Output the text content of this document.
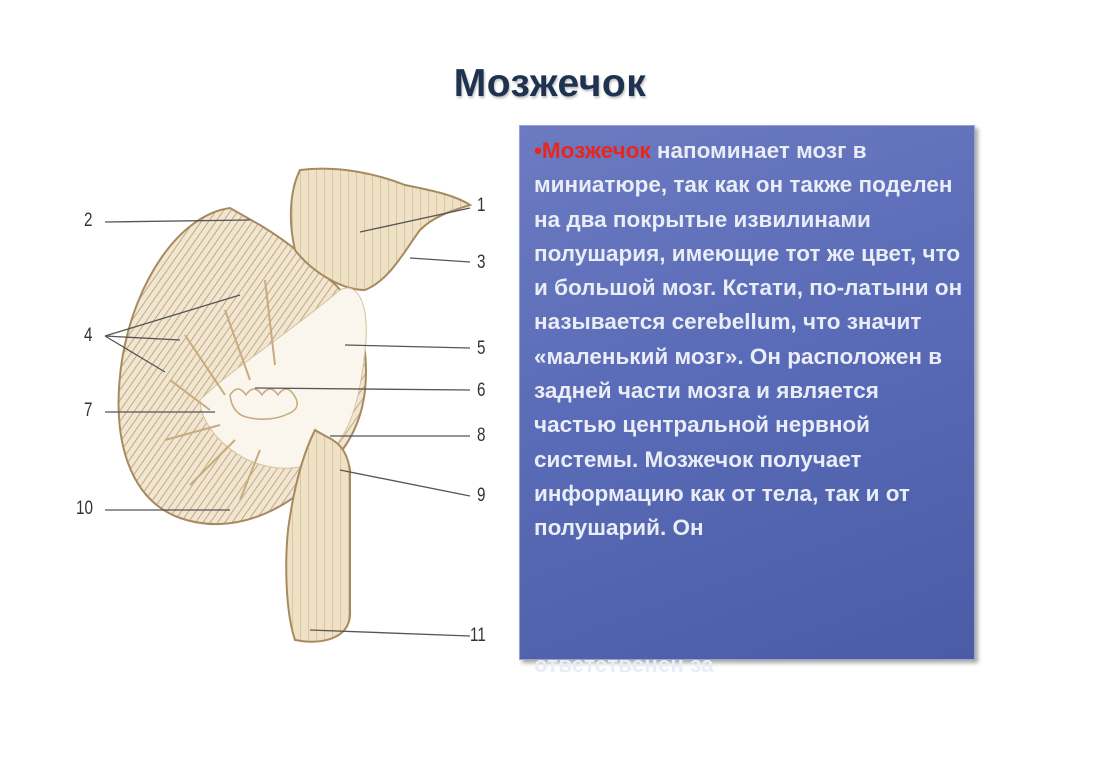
Мозжечок
2
1
3
4
5
6
7
8
9
10
11
•Мозжечок напоминает мозг в миниатюре, так как он также поделен на два покрытые извилинами полушария, имеющие тот же цвет, что и большой мозг. Кстати, по-латыни он называется cerebellum, что значит «маленький мозг». Он расположен в задней части мозга и является частью центральной нервной системы. Мозжечок получает информацию как от тела, так и от полушарий. Он
ответственен за
